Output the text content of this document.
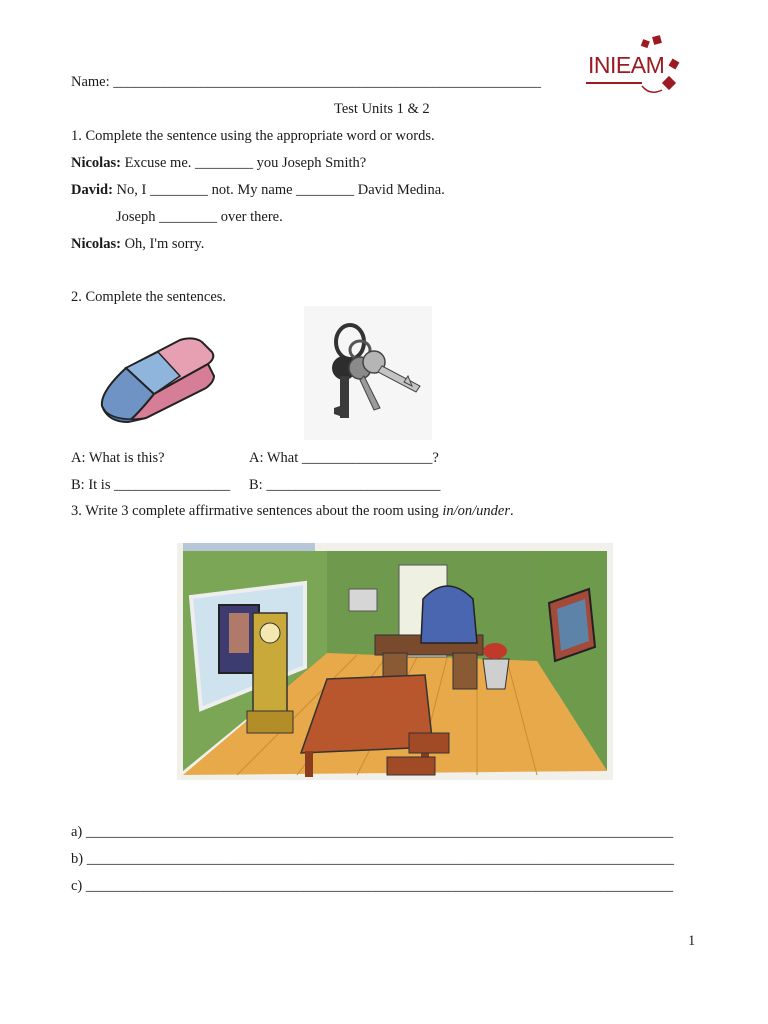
Name: ___________________________________________________________
INIEAM
Test Units 1 & 2
1. Complete the sentence using the appropriate word or words.
Nicolas: Excuse me. ________ you Joseph Smith?
David: No, I ________ not. My name ________ David Medina.
Joseph ________ over there.
Nicolas: Oh, I'm sorry.
2. Complete the sentences.
A: What is this?
B: It is ________________
A: What __________________?
B: ________________________
3. Write 3 complete affirmative sentences about the room using in/on/under.
a) _________________________________________________________________________________
b) _________________________________________________________________________________
c) _________________________________________________________________________________
1
